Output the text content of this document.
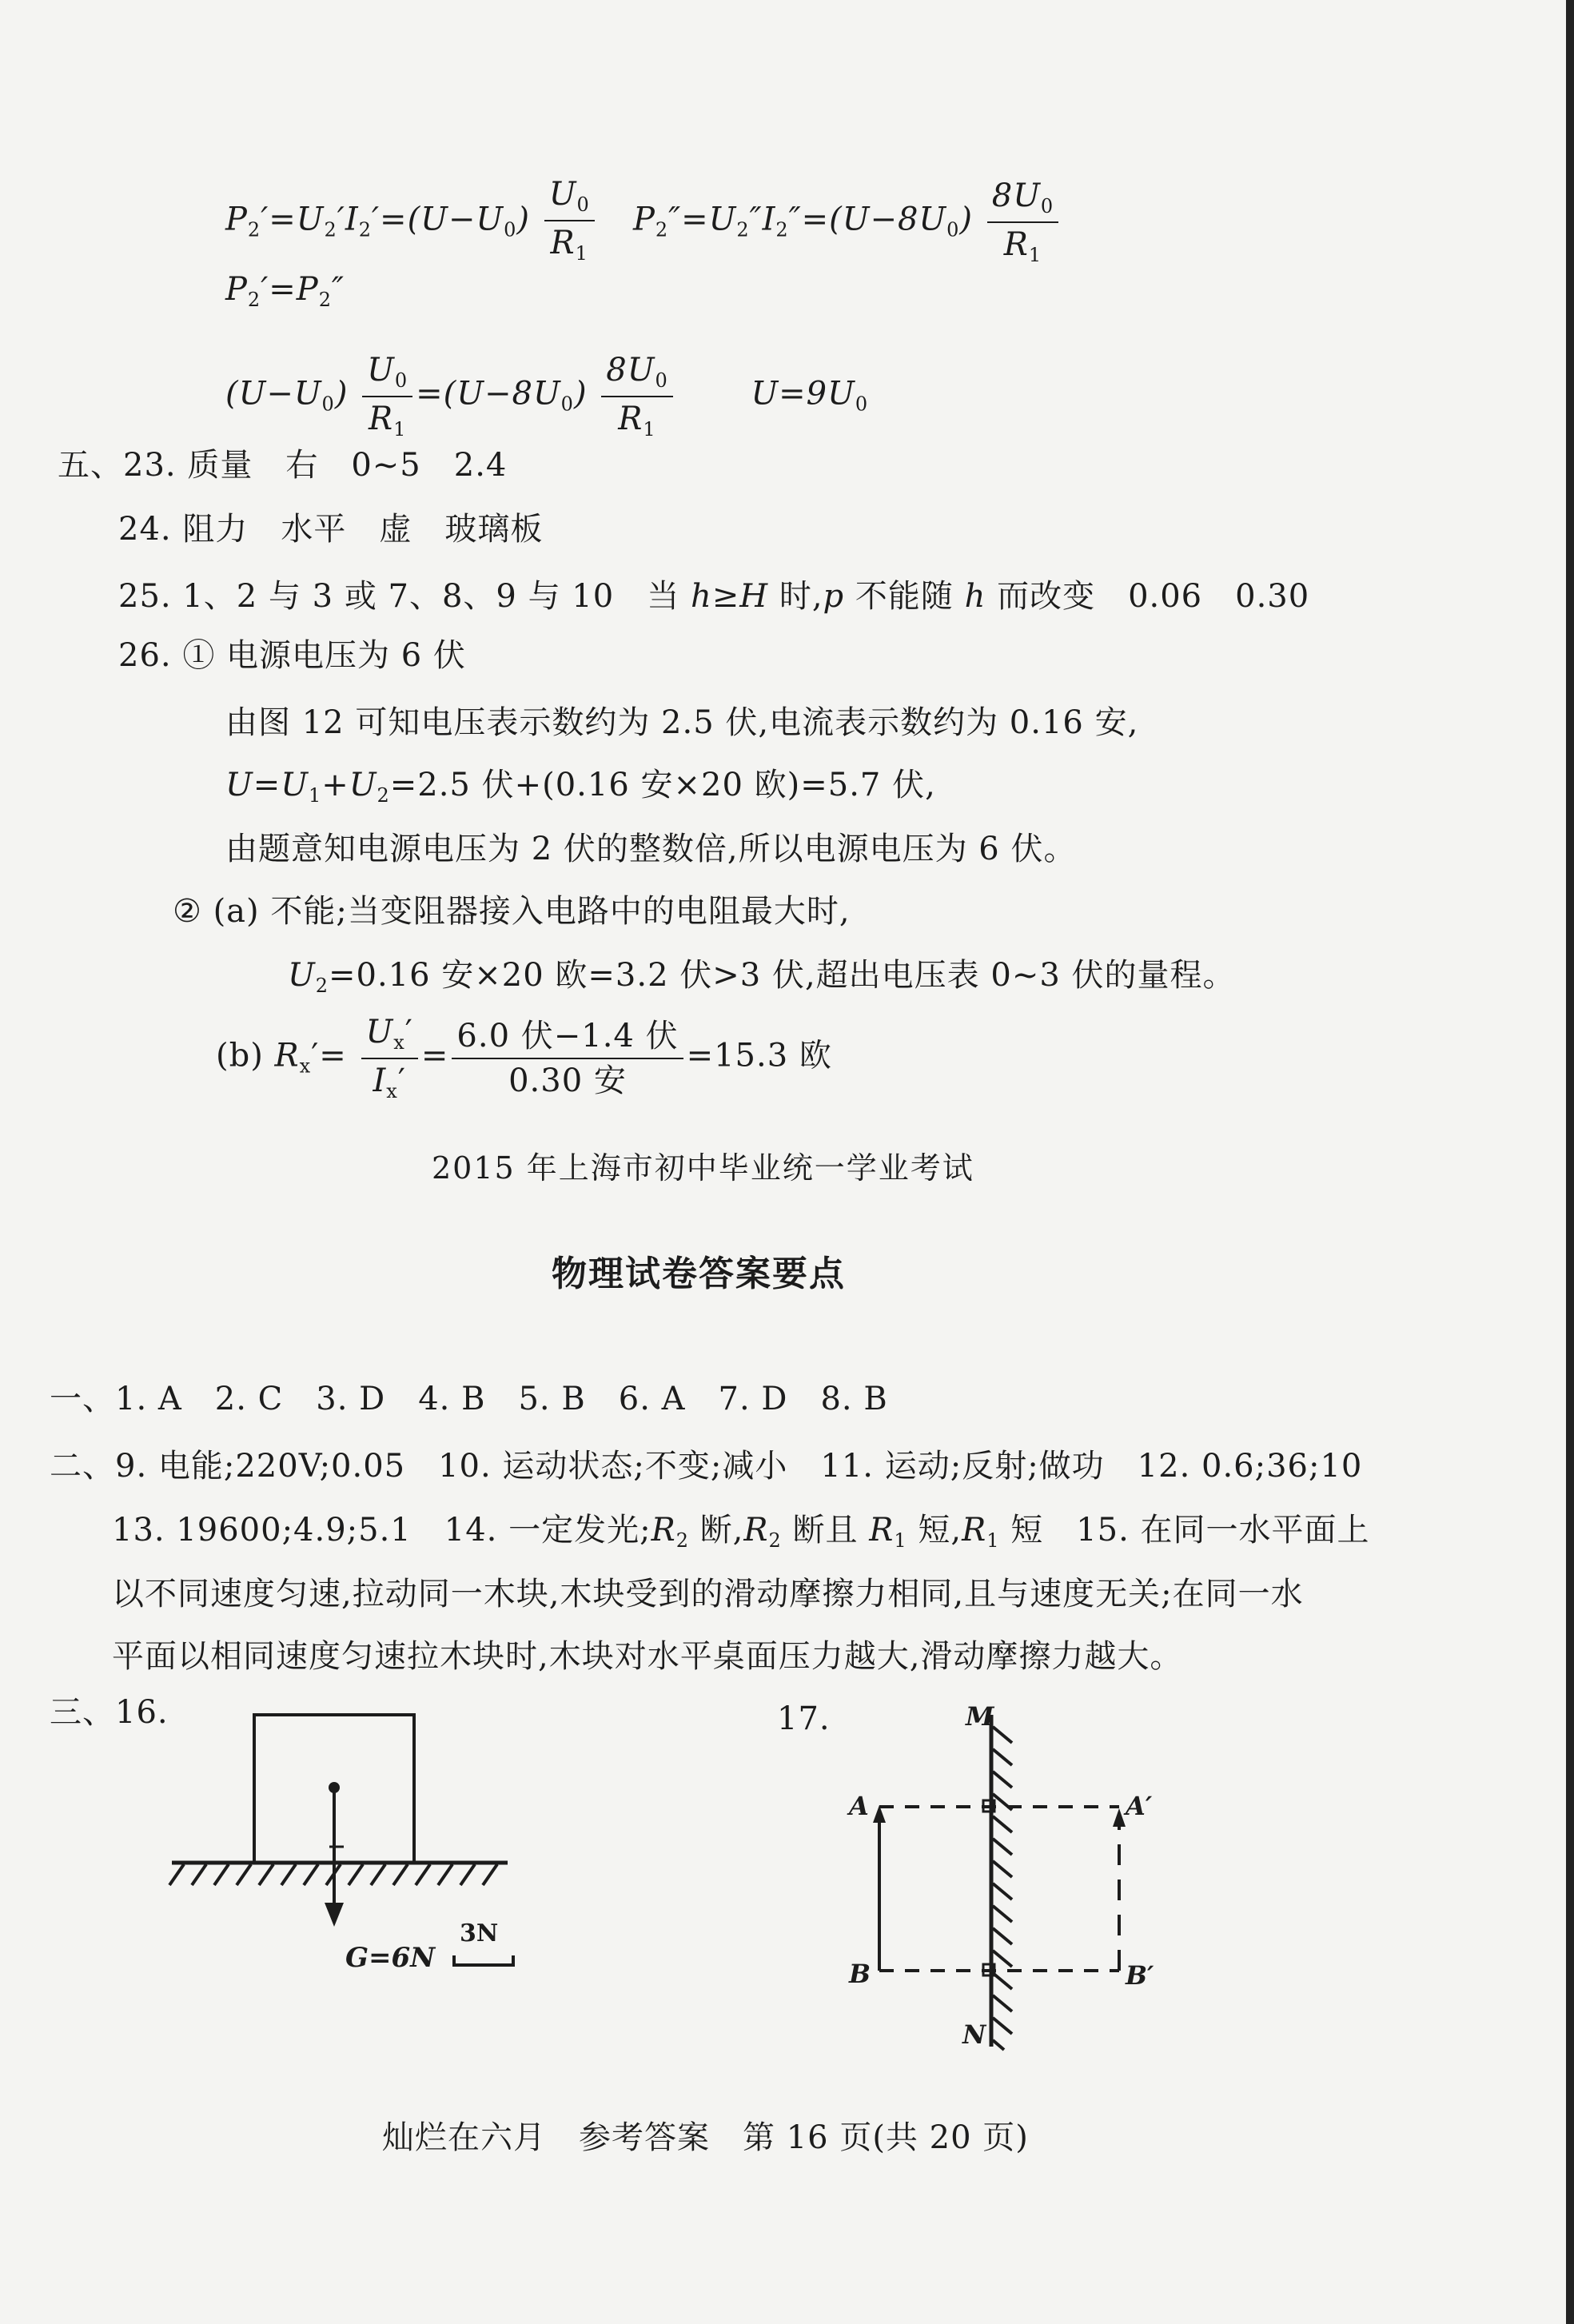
$P_2'=U_2'I_2'=(U-U_0) \frac{U_0}{R_1} P_2''=U_2''I_2''=(U-8U_0) \frac{8U_0}{R_1}$
$P_2'=P_2''$
$(U-U_0) \frac{U_0}{R_1} =(U-8U_0) \frac{8U_0}{R_1} U=9U_0$
五、23. 质量　右　0~5　2.4
24. 阻力　水平　虚　玻璃板
25. 1、2 与 3 或 7、8、9 与 10　当 h≥H 时,p 不能随 h 而改变　0.06　0.30
26. ① 电源电压为 6 伏
由图 12 可知电压表示数约为 2.5 伏,电流表示数约为 0.16 安,
$U=U_1+U_2=2.5$ 伏+(0.16 安×20 欧)=5.7 伏,
由题意知电源电压为 2 伏的整数倍,所以电源电压为 6 伏。
② (a) 不能;当变阻器接入电路中的电阻最大时,
$U_2=0.16$ 安×20 欧=3.2 伏>3 伏,超出电压表 0~3 伏的量程。
(b) $R_x'= \frac{U_x'}{I_x'} = \frac{\text{6.0 伏−1.4 伏}}{\text{0.30 安}} =15.3$ 欧
2015 年上海市初中毕业统一学业考试
物理试卷答案要点
一、1. A　2. C　3. D　4. B　5. B　6. A　7. D　8. B
二、9. 电能;220V;0.05　10. 运动状态;不变;减小　11. 运动;反射;做功　12. 0.6;36;10
13. 19600;4.9;5.1　14. 一定发光$;R_2$ 断$,R_2$ 断且 $R_1$ 短$,R_1$ 短　15. 在同一水平面上
以不同速度匀速,拉动同一木块,木块受到的滑动摩擦力相同,且与速度无关;在同一水
平面以相同速度匀速拉木块时,木块对水平桌面压力越大,滑动摩擦力越大。
三、16.	17.
G=6N
3N
M
N
A
B
A′
B′
灿烂在六月　参考答案　第 16 页(共 20 页)
